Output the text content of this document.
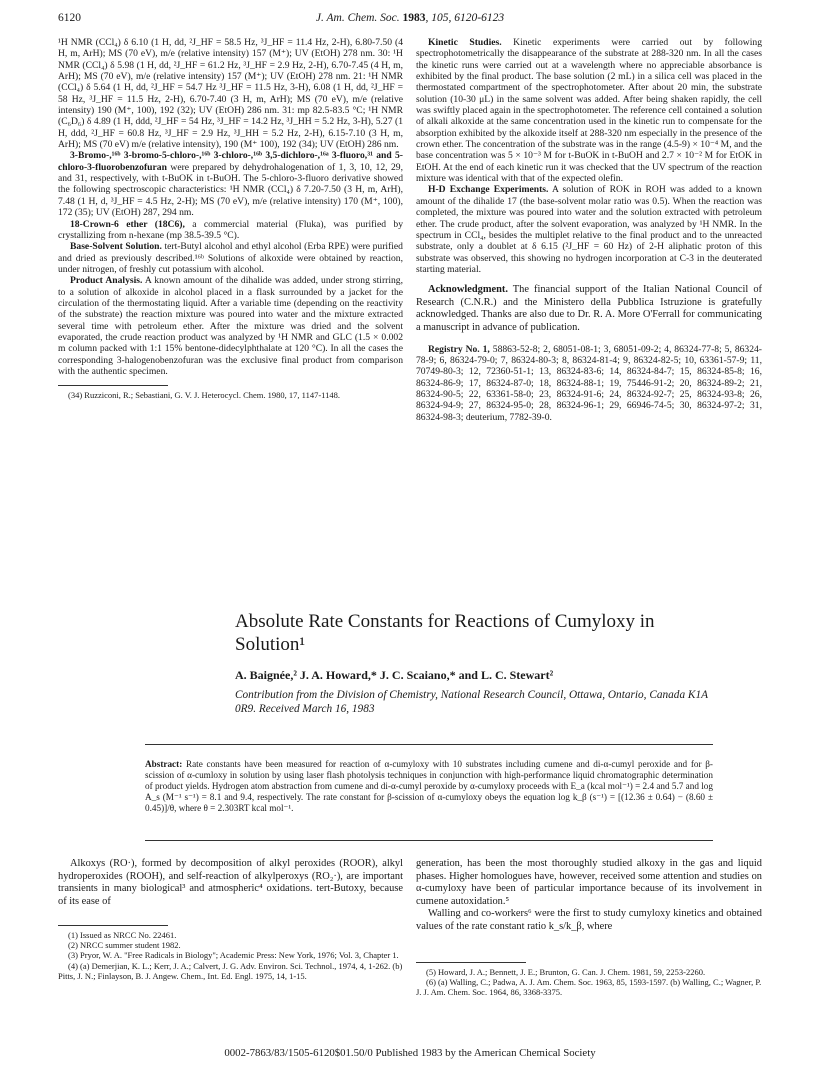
6120	J. Am. Chem. Soc. 1983, 105, 6120-6123

¹H NMR (CCl₄) δ 6.10 (1 H, dd, ²J_HF = 58.5 Hz, ³J_HF = 11.4 Hz, 2-H), 6.80-7.50 (4 H, m, ArH); MS (70 eV), m/e (relative intensity) 157 (M⁺); UV (EtOH) 278 nm. 30: ¹H NMR (CCl₄) δ 5.98 (1 H, dd, ²J_HF = 61.2 Hz, ³J_HF = 2.9 Hz, 2-H), 6.70-7.45 (4 H, m, ArH); MS (70 eV), m/e (relative intensity) 157 (M⁺); UV (EtOH) 278 nm. 21: ¹H NMR (CCl₄) δ 5.64 (1 H, dd, ²J_HF = 54.7 Hz ³J_HF = 11.5 Hz, 3-H), 6.08 (1 H, dd, ²J_HF = 58 Hz, ³J_HF = 11.5 Hz, 2-H), 6.70-7.40 (3 H, m, ArH); MS (70 eV), m/e (relative intensity) 190 (M⁺, 100), 192 (32); UV (EtOH) 286 nm. 31: mp 82.5-83.5 °C; ¹H NMR (C₆D₆) δ 4.89 (1 H, ddd, ²J_HF = 54 Hz, ³J_HF = 14.2 Hz, ³J_HH = 5.2 Hz, 3-H), 5.27 (1 H, ddd, ²J_HF = 60.8 Hz, ³J_HF = 2.9 Hz, ³J_HH = 5.2 Hz, 2-H), 6.15-7.10 (3 H, m, ArH); MS (70 eV) m/e (relative intensity), 190 (M⁺ 100), 192 (34); UV (EtOH) 286 nm.

3-Bromo-,¹⁶ᵇ 3-bromo-5-chloro-,¹⁶ᵇ 3-chloro-,¹⁶ᵇ 3,5-dichloro-,¹⁶ᵃ 3-fluoro,³¹ and 5-chloro-3-fluorobenzofuran were prepared by dehydrohalogenation of 1, 3, 10, 12, 29, and 31, respectively, with t-BuOK in t-BuOH. The 5-chloro-3-fluoro derivative showed the following spectroscopic characteristics: ¹H NMR (CCl₄) δ 7.20-7.50 (3 H, m, ArH), 7.48 (1 H, d, ³J_HF = 4.5 Hz, 2-H); MS (70 eV), m/e (relative intensity) 170 (M⁺, 100), 172 (35); UV (EtOH) 287, 294 nm.

18-Crown-6 ether (18C6), a commercial material (Fluka), was purified by crystallizing from n-hexane (mp 38.5-39.5 °C).

Base-Solvent Solution. tert-Butyl alcohol and ethyl alcohol (Erba RPE) were purified and dried as previously described.¹⁶ᵇ Solutions of alkoxide were obtained by reaction, under nitrogen, of freshly cut potassium with alcohol.

Product Analysis. A known amount of the dihalide was added, under strong stirring, to a solution of alkoxide in alcohol placed in a flask surrounded by a jacket for the circulation of the thermostating liquid. After a variable time (depending on the reactivity of the substrate) the reaction mixture was poured into water and the mixture extracted several time with petroleum ether. After the mixture was dried and the solvent evaporated, the crude reaction product was analyzed by ¹H NMR and GLC (1.5 × 0.002 m column packed with 1:1 15% bentone-didecylphthalate at 120 °C). In all the cases the corresponding 3-halogenobenzofuran was the exclusive final product from comparison with the authentic specimen.

(34) Ruzziconi, R.; Sebastiani, G. V. J. Heterocycl. Chem. 1980, 17, 1147-1148.

Kinetic Studies. Kinetic experiments were carried out by following spectrophotometrically the disappearance of the substrate at 288-320 nm. In all the cases the kinetic runs were carried out at a wavelength where no appreciable absorbance is exhibited by the final product. The base solution (2 mL) in a silica cell was placed in the thermostated compartment of the spectrophotometer. After about 20 min, the substrate solution (10-30 μL) in the same solvent was added. After being shaken rapidly, the cell was swiftly placed again in the spectrophotometer. The reference cell contained a solution of alkali alkoxide at the same concentration used in the kinetic run to compensate for the absorption exhibited by the alkoxide itself at 288-320 nm especially in the presence of the crown ether. The concentration of the substrate was in the range (4.5-9) × 10⁻⁴ M, and the base concentration was 5 × 10⁻³ M for t-BuOK in t-BuOH and 2.7 × 10⁻² M for EtOK in EtOH. At the end of each kinetic run it was checked that the UV spectrum of the reaction mixture was identical with that of the expected olefin.

H-D Exchange Experiments. A solution of ROK in ROH was added to a known amount of the dihalide 17 (the base-solvent molar ratio was 0.5). When the reaction was completed, the mixture was poured into water and the solution extracted with petroleum ether. The crude product, after the solvent evaporation, was analyzed by ¹H NMR. In the spectrum in CCl₄, besides the multiplet relative to the final product and to the unreacted substrate, only a doublet at δ 6.15 (²J_HF = 60 Hz) of 2-H aliphatic proton of this substrate was observed, this showing no hydrogen incorporation at C-3 in the deuterated starting material.

Acknowledgment. The financial support of the Italian National Council of Research (C.N.R.) and the Ministero della Pubblica Istruzione is gratefully acknowledged. Thanks are also due to Dr. R. A. More O'Ferrall for communicating a manuscript in advance of publication.

Registry No. 1, 58863-52-8; 2, 68051-08-1; 3, 68051-09-2; 4, 86324-77-8; 5, 86324-78-9; 6, 86324-79-0; 7, 86324-80-3; 8, 86324-81-4; 9, 86324-82-5; 10, 63361-57-9; 11, 70749-80-3; 12, 72360-51-1; 13, 86324-83-6; 14, 86324-84-7; 15, 86324-85-8; 16, 86324-86-9; 17, 86324-87-0; 18, 86324-88-1; 19, 75446-91-2; 20, 86324-89-2; 21, 86324-90-5; 22, 63361-58-0; 23, 86324-91-6; 24, 86324-92-7; 25, 86324-93-8; 26, 86324-94-9; 27, 86324-95-0; 28, 86324-96-1; 29, 66946-74-5; 30, 86324-97-2; 31, 86324-98-3; deuterium, 7782-39-0.

Absolute Rate Constants for Reactions of Cumyloxy in Solution¹
A. Baignée,² J. A. Howard,* J. C. Scaiano,* and L. C. Stewart²
Contribution from the Division of Chemistry, National Research Council, Ottawa, Ontario, Canada K1A 0R9. Received March 16, 1983
Abstract: Rate constants have been measured for reaction of α-cumyloxy with 10 substrates including cumene and di-α-cumyl peroxide and for β-scission of α-cumloxy in solution by using laser flash photolysis techniques in conjunction with high-performance liquid chromatographic determination of product yields. Hydrogen atom abstraction from cumene and di-α-cumyl peroxide by α-cumyloxy proceeds with E_a (kcal mol⁻¹) = 2.4 and 5.7 and log A_s (M⁻¹ s⁻¹) = 8.1 and 9.4, respectively. The rate constant for β-scission of α-cumyloxy obeys the equation log k_β (s⁻¹) = [(12.36 ± 0.64) − (8.60 ± 0.45)]/θ, where θ = 2.303RT kcal mol⁻¹.

Alkoxys (RO·), formed by decomposition of alkyl peroxides (ROOR), alkyl hydroperoxides (ROOH), and self-reaction of alkylperoxys (RO₂·), are important transients in many biological³ and atmospheric⁴ oxidations. tert-Butoxy, because of its ease of

generation, has been the most thoroughly studied alkoxy in the gas and liquid phases. Higher homologues have, however, received some attention and studies on α-cumyloxy have been of particular importance because of its involvement in cumene autoxidation.⁵

Walling and co-workers⁶ were the first to study cumyloxy kinetics and obtained values of the rate constant ratio k_s/k_β, where

(1) Issued as NRCC No. 22461.

(2) NRCC summer student 1982.

(3) Pryor, W. A. "Free Radicals in Biology"; Academic Press: New York, 1976; Vol. 3, Chapter 1.

(4) (a) Demerjian, K. L.; Kerr, J. A.; Calvert, J. G. Adv. Environ. Sci. Technol., 1974, 4, 1-262. (b) Pitts, J. N.; Finlayson, B. J. Angew. Chem., Int. Ed. Engl. 1975, 14, 1-15.	(5) Howard, J. A.; Bennett, J. E.; Brunton, G. Can. J. Chem. 1981, 59, 2253-2260.

(6) (a) Walling, C.; Padwa, A. J. Am. Chem. Soc. 1963, 85, 1593-1597. (b) Walling, C.; Wagner, P. J. J. Am. Chem. Soc. 1964, 86, 3368-3375.

0002-7863/83/1505-6120$01.50/0 Published 1983 by the American Chemical Society
